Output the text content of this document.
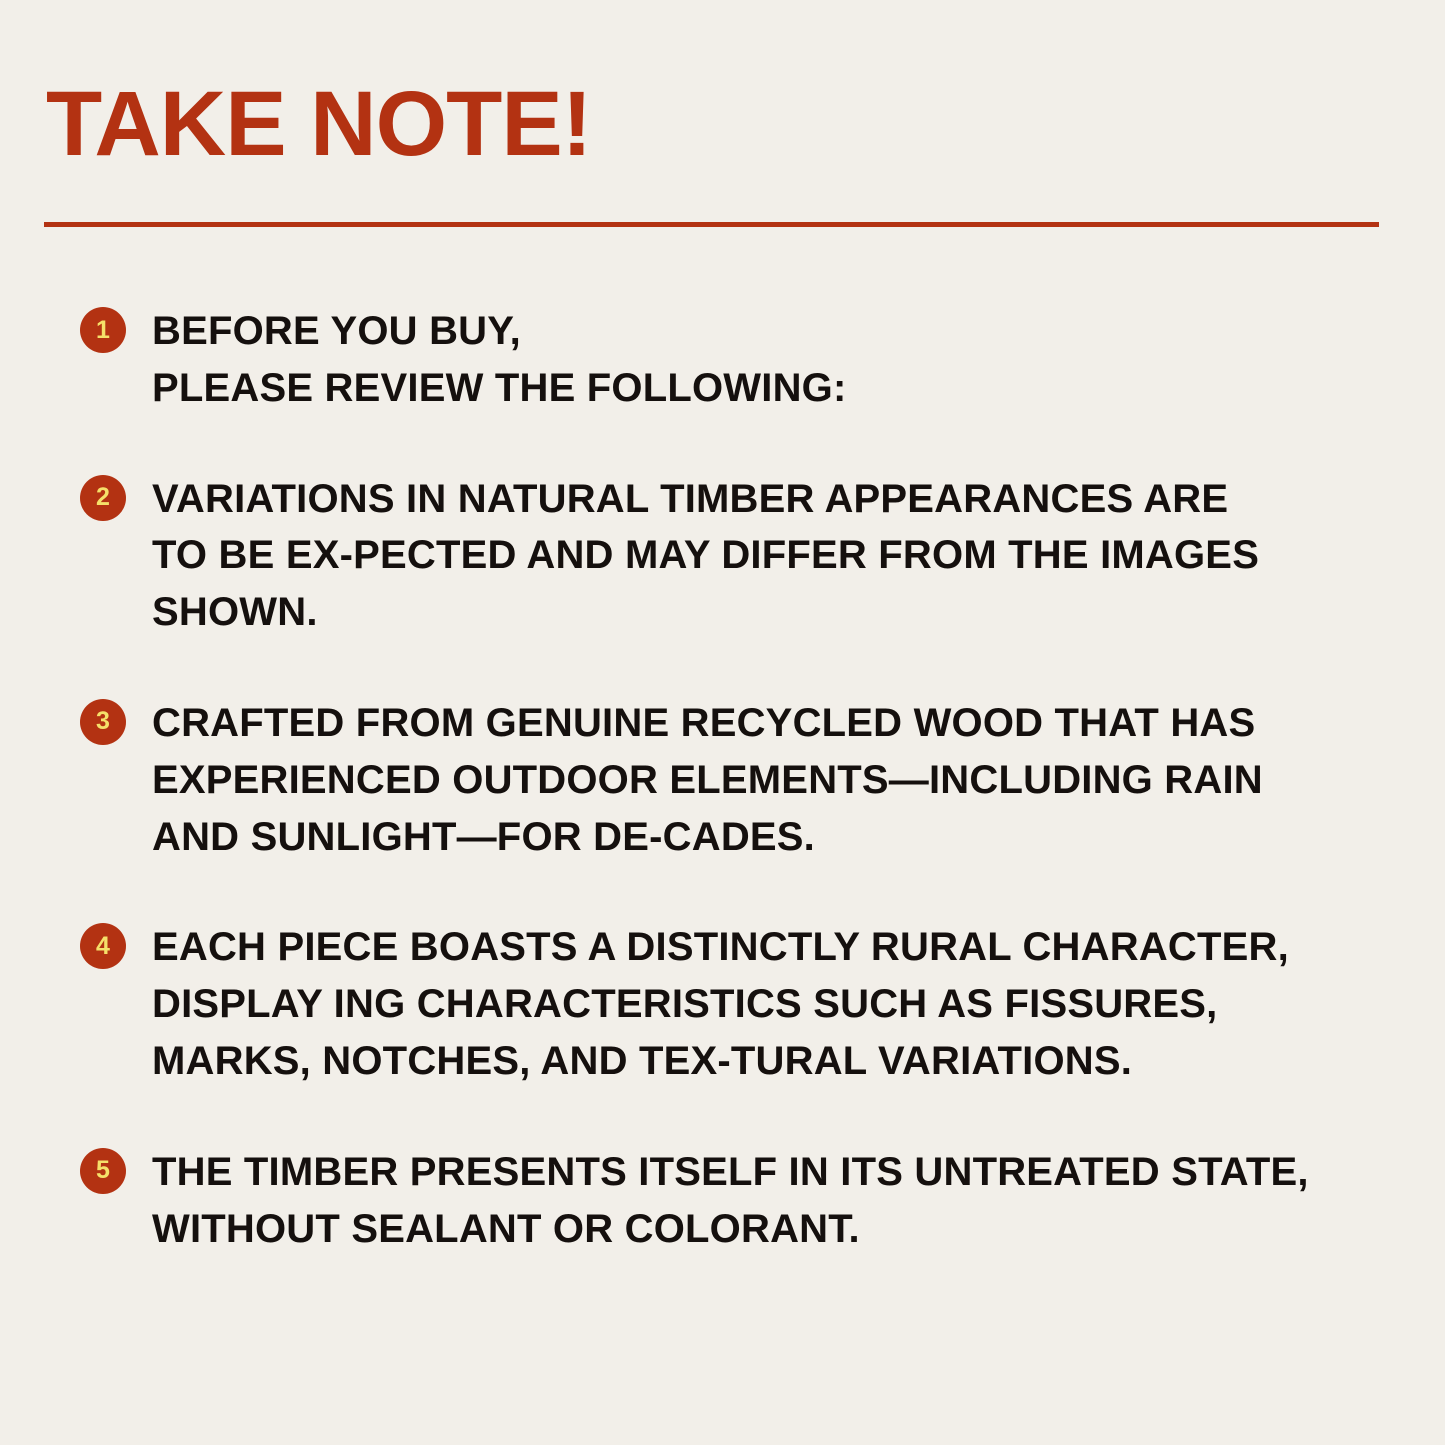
TAKE NOTE!
1	BEFORE YOU BUY,
PLEASE REVIEW THE FOLLOWING:
2	VARIATIONS IN NATURAL TIMBER APPEARANCES ARE
TO BE EX-PECTED AND MAY DIFFER FROM THE IMAGES
SHOWN.
3	CRAFTED FROM GENUINE RECYCLED WOOD THAT HAS
EXPERIENCED OUTDOOR ELEMENTS—INCLUDING RAIN
AND SUNLIGHT—FOR DE-CADES.
4	EACH PIECE BOASTS A DISTINCTLY RURAL CHARACTER,
DISPLAY ING CHARACTERISTICS SUCH AS FISSURES,
MARKS, NOTCHES, AND TEX-TURAL VARIATIONS.
5	THE TIMBER PRESENTS ITSELF IN ITS UNTREATED STATE,
WITHOUT SEALANT OR COLORANT.
